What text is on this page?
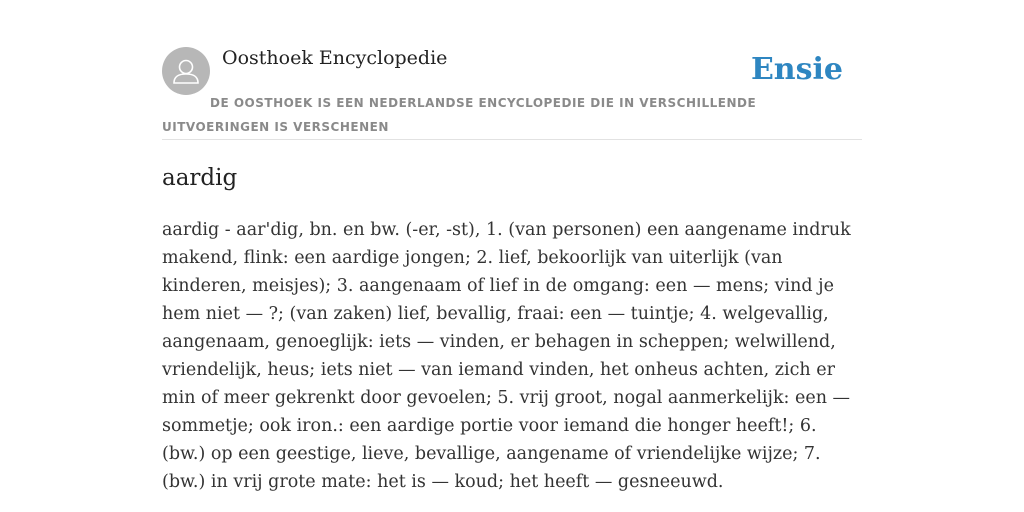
Oosthoek Encyclopedie	Ensie
DE OOSTHOEK IS EEN NEDERLANDSE ENCYCLOPEDIE DIE IN VERSCHILLENDE UITVOERINGEN IS VERSCHENEN
aardig

aardig - aar'dig, bn. en bw. (-er, -st), 1. (van personen) een aangename indruk makend, flink: een aardige jongen; 2. lief, bekoorlijk van uiterlijk (van kinderen, meisjes); 3. aangenaam of lief in de omgang: een — mens; vind je hem niet — ?; (van zaken) lief, bevallig, fraai: een — tuintje; 4. welgevallig, aangenaam, genoeglijk: iets — vinden, er behagen in scheppen; welwillend, vriendelijk, heus; iets niet — van iemand vinden, het onheus achten, zich er min of meer gekrenkt door gevoelen; 5. vrij groot, nogal aanmerkelijk: een — sommetje; ook iron.: een aardige portie voor iemand die honger heeft!; 6. (bw.) op een geestige, lieve, bevallige, aangename of vriendelijke wijze; 7. (bw.) in vrij grote mate: het is — koud; het heeft — gesneeuwd.
